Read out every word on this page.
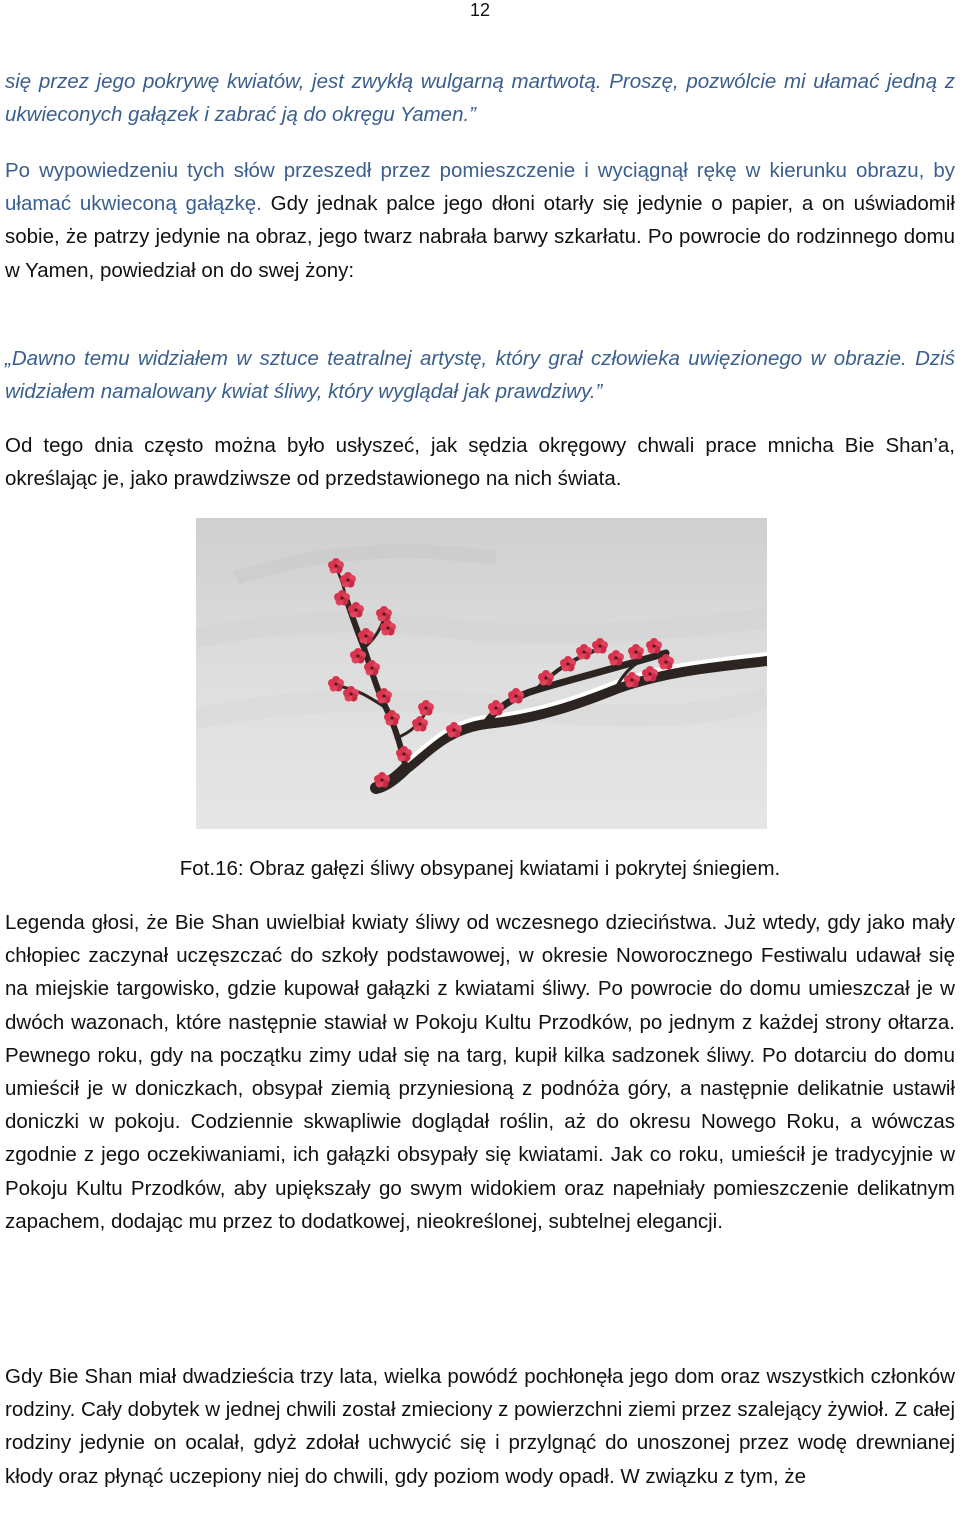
12

się przez jego pokrywę kwiatów, jest zwykłą wulgarną martwotą. Proszę, pozwólcie mi ułamać jedną z ukwieconych gałązek i zabrać ją do okręgu Yamen.”

Po wypowiedzeniu tych słów przeszedł przez pomieszczenie i wyciągnął rękę w kierunku obrazu, by ułamać ukwieconą gałązkę. Gdy jednak palce jego dłoni otarły się jedynie o papier, a on uświadomił sobie, że patrzy jedynie na obraz, jego twarz nabrała barwy szkarłatu. Po powrocie do rodzinnego domu w Yamen, powiedział on do swej żony:

„Dawno temu widziałem w sztuce teatralnej artystę, który grał człowieka uwięzionego w obrazie. Dziś widziałem namalowany kwiat śliwy, który wyglądał jak prawdziwy.”

Od tego dnia często można było usłyszeć, jak sędzia okręgowy chwali prace mnicha Bie Shan’a, określając je, jako prawdziwsze od przedstawionego na nich świata.

Fot.16: Obraz gałęzi śliwy obsypanej kwiatami i pokrytej śniegiem.

Legenda głosi, że Bie Shan uwielbiał kwiaty śliwy od wczesnego dzieciństwa. Już wtedy, gdy jako mały chłopiec zaczynał uczęszczać do szkoły podstawowej, w okresie Noworocznego Festiwalu udawał się na miejskie targowisko, gdzie kupował gałązki z kwiatami śliwy. Po powrocie do domu umieszczał je w dwóch wazonach, które następnie stawiał w Pokoju Kultu Przodków, po jednym z każdej strony ołtarza. Pewnego roku, gdy na początku zimy udał się na targ, kupił kilka sadzonek śliwy. Po dotarciu do domu umieścił je w doniczkach, obsypał ziemią przyniesioną z podnóża góry, a następnie delikatnie ustawił doniczki w pokoju. Codziennie skwapliwie doglądał roślin, aż do okresu Nowego Roku, a wówczas zgodnie z jego oczekiwaniami, ich gałązki obsypały się kwiatami. Jak co roku, umieścił je tradycyjnie w Pokoju Kultu Przodków, aby upiększały go swym widokiem oraz napełniały pomieszczenie delikatnym zapachem, dodając mu przez to dodatkowej, nieokreślonej, subtelnej elegancji.

Gdy Bie Shan miał dwadzieścia trzy lata, wielka powódź pochłonęła jego dom oraz wszystkich członków rodziny. Cały dobytek w jednej chwili został zmieciony z powierzchni ziemi przez szalejący żywioł. Z całej rodziny jedynie on ocalał, gdyż zdołał uchwycić się i przylgnąć do unoszonej przez wodę drewnianej kłody oraz płynąć uczepiony niej do chwili, gdy poziom wody opadł. W związku z tym, że
